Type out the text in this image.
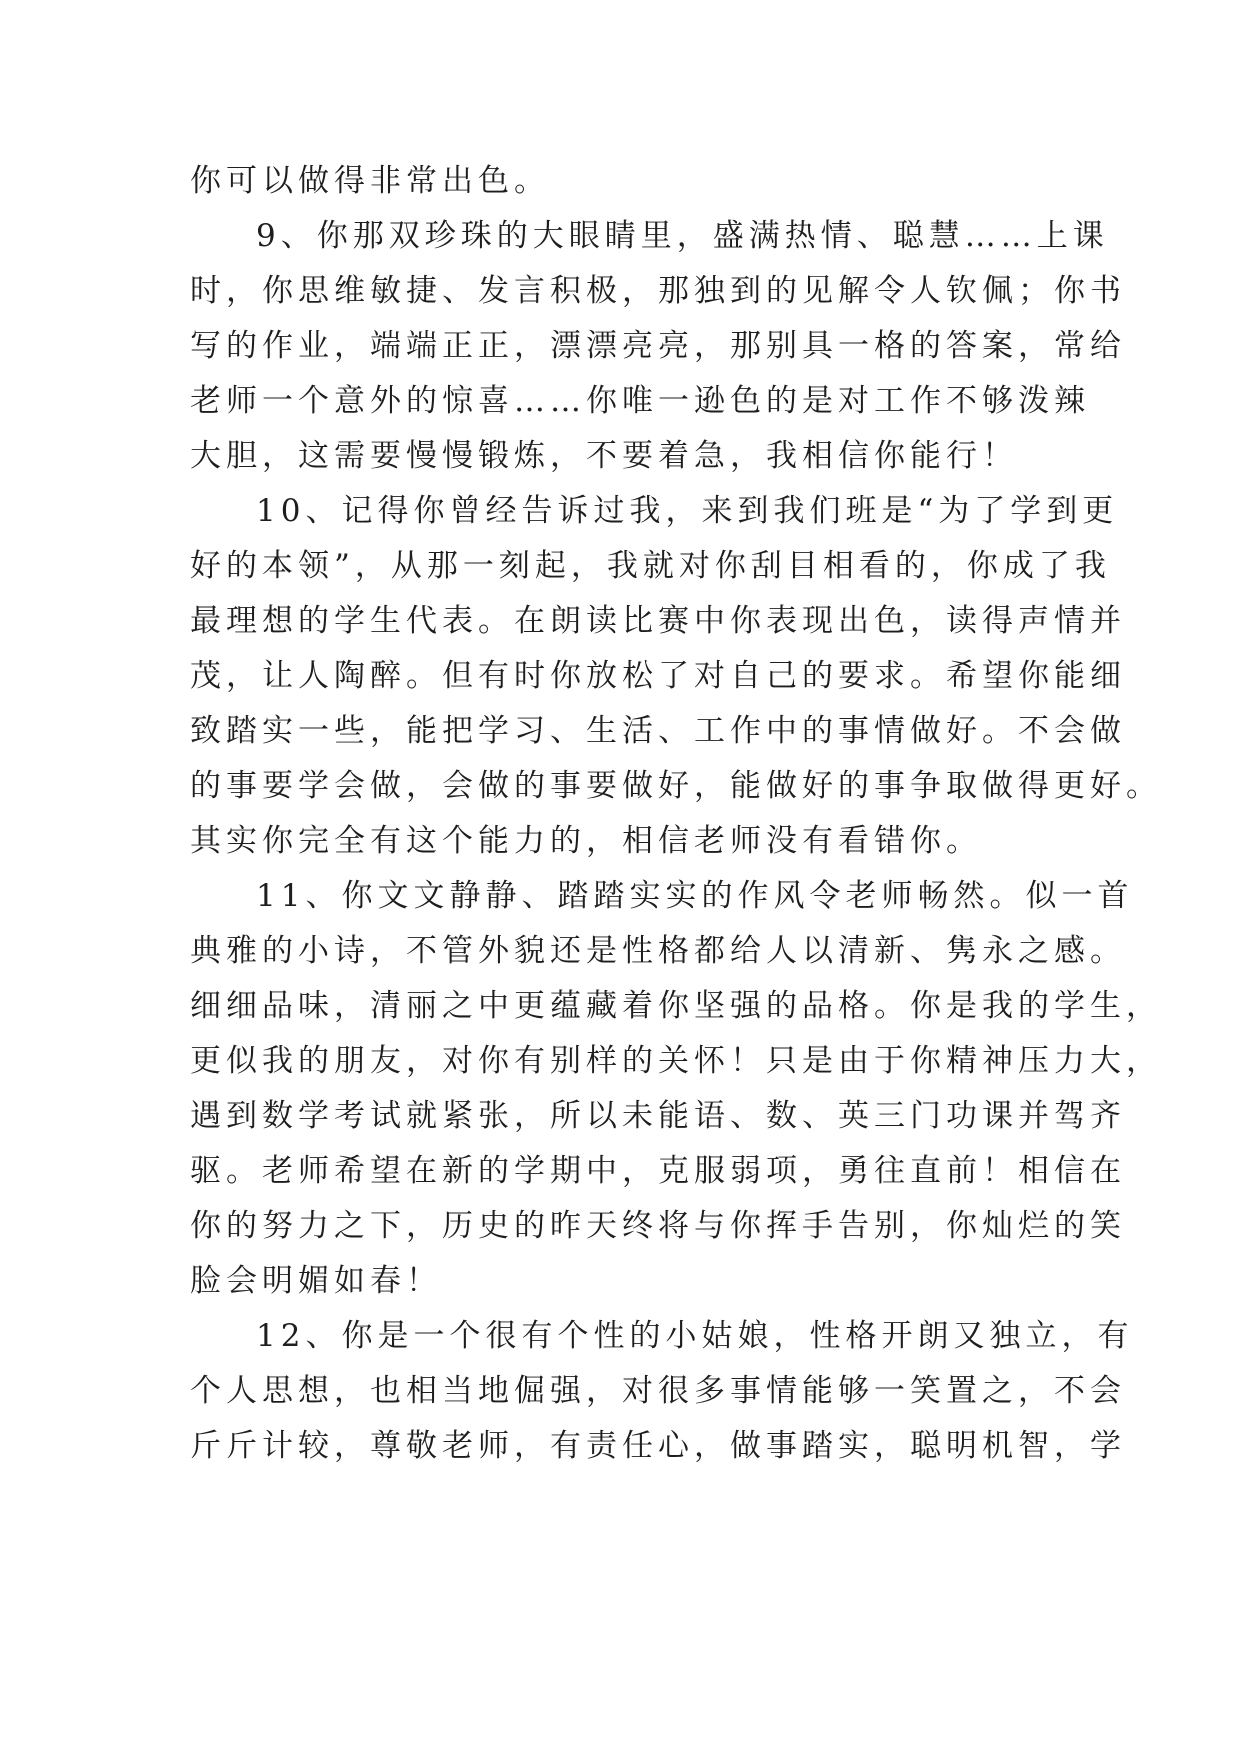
你可以做得非常出色。
9、你那双珍珠的大眼睛里，盛满热情、聪慧……上课
时，你思维敏捷、发言积极，那独到的见解令人钦佩；你书
写的作业，端端正正，漂漂亮亮，那别具一格的答案，常给
老师一个意外的惊喜……你唯一逊色的是对工作不够泼辣
大胆，这需要慢慢锻炼，不要着急，我相信你能行！
10、记得你曾经告诉过我，来到我们班是“为了学到更
好的本领”，从那一刻起，我就对你刮目相看的，你成了我
最理想的学生代表。在朗读比赛中你表现出色，读得声情并
茂，让人陶醉。但有时你放松了对自己的要求。希望你能细
致踏实一些，能把学习、生活、工作中的事情做好。不会做
的事要学会做，会做的事要做好，能做好的事争取做得更好。
其实你完全有这个能力的，相信老师没有看错你。
11、你文文静静、踏踏实实的作风令老师畅然。似一首
典雅的小诗，不管外貌还是性格都给人以清新、隽永之感。
细细品味，清丽之中更蕴藏着你坚强的品格。你是我的学生，
更似我的朋友，对你有别样的关怀！只是由于你精神压力大，
遇到数学考试就紧张，所以未能语、数、英三门功课并驾齐
驱。老师希望在新的学期中，克服弱项，勇往直前！相信在
你的努力之下，历史的昨天终将与你挥手告别，你灿烂的笑
脸会明媚如春！
12、你是一个很有个性的小姑娘，性格开朗又独立，有
个人思想，也相当地倔强，对很多事情能够一笑置之，不会
斤斤计较，尊敬老师，有责任心，做事踏实，聪明机智，学
